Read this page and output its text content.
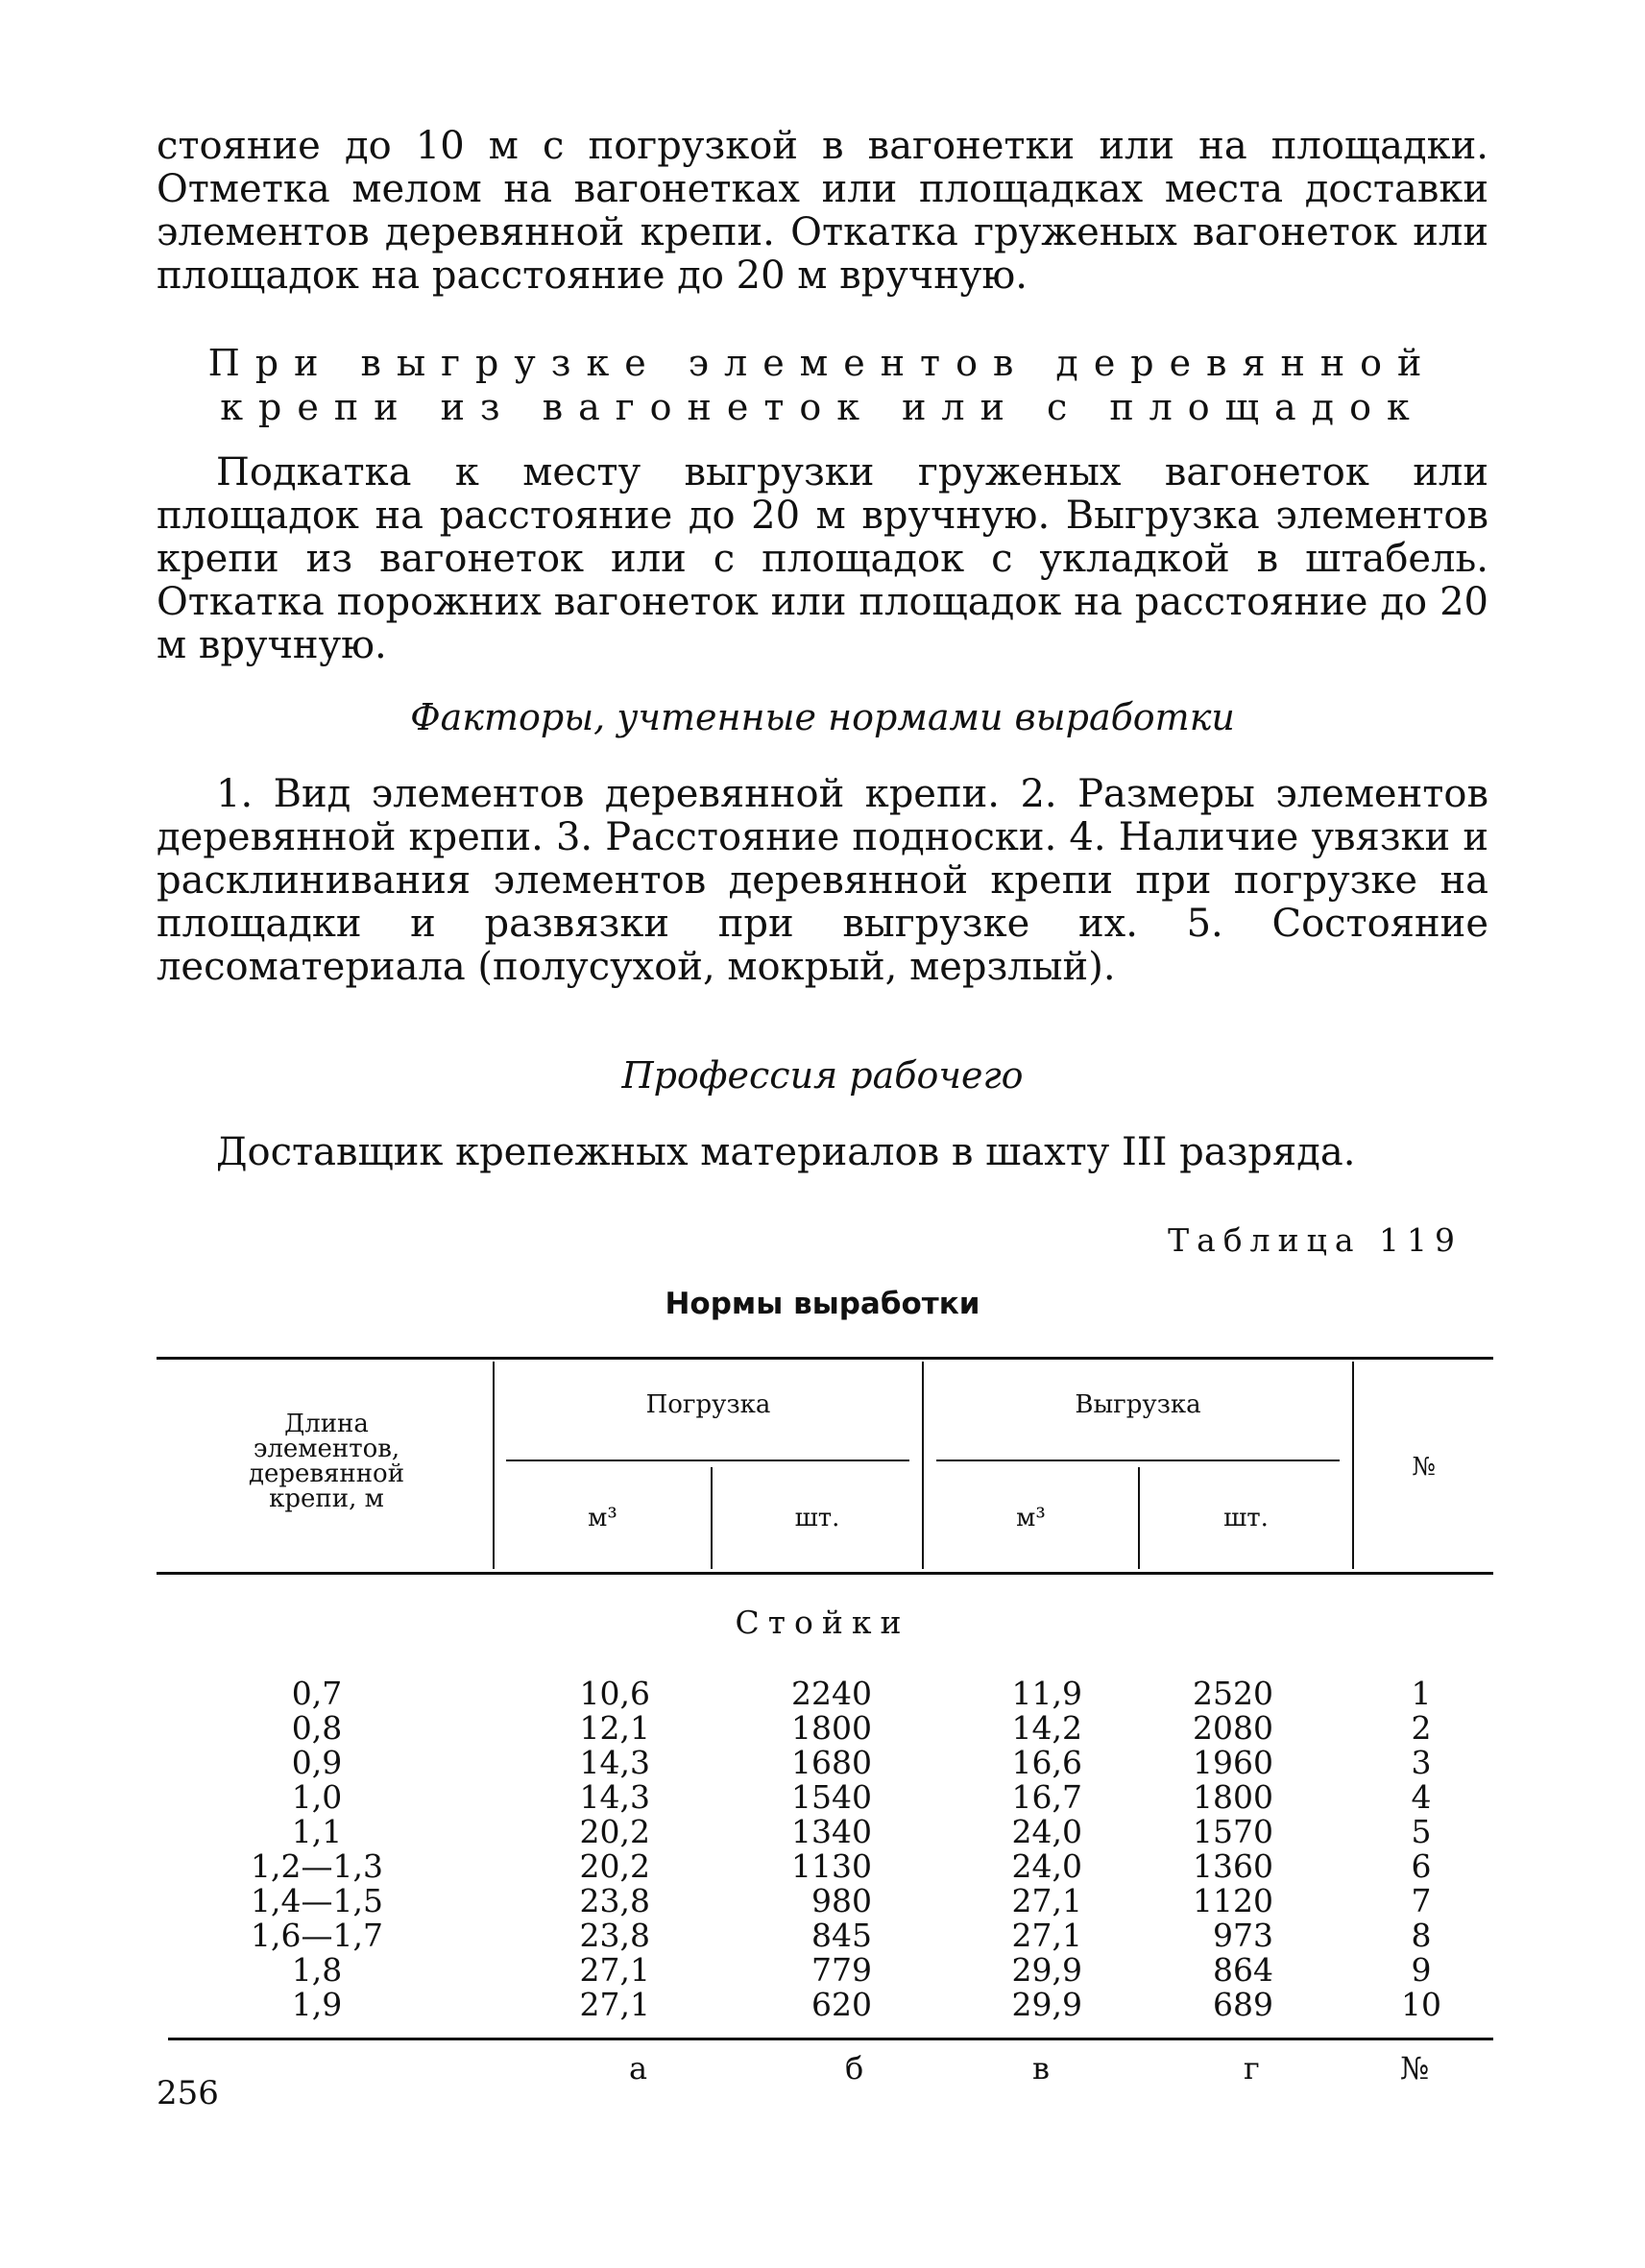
стояние до 10 м с погрузкой в вагонетки или на площадки. Отметка мелом на вагонетках или площадках места доставки элементов деревянной крепи. Откатка груженых вагонеток или площадок на расстояние до 20 м вручную.

При выгрузке элементов деревянной крепи из вагонеток или с площадок

Подкатка к месту выгрузки груженых вагонеток или площадок на расстояние до 20 м вручную. Выгрузка элементов крепи из вагонеток или с площадок с укладкой в штабель. Откатка порожних вагонеток или площадок на расстояние до 20 м вручную.

Факторы, учтенные нормами выработки

1. Вид элементов деревянной крепи. 2. Размеры элементов деревянной крепи. 3. Расстояние подноски. 4. Наличие увязки и расклинивания элементов деревянной крепи при погрузке на площадки и развязки при выгрузке их. 5. Состояние лесоматериала (полусухой, мокрый, мерзлый).

Профессия рабочего
Доставщик крепежных материалов в шахту III разряда.
Таблица 119
Нормы выработки
Длина элементов, деревянной крепи, м
Погрузка	Выгрузка
№
м³	шт.	м³	шт.
Стойки
0,7	10,6	2240	11,9	2520	1
0,8	12,1	1800	14,2	2080	2
0,9	14,3	1680	16,6	1960	3
1,0	14,3	1540	16,7	1800	4
1,1	20,2	1340	24,0	1570	5
1,2—1,3	20,2	1130	24,0	1360	6
1,4—1,5	23,8	980	27,1	1120	7
1,6—1,7	23,8	845	27,1	973	8
1,8	27,1	779	29,9	864	9
1,9	27,1	620	29,9	689	10
а	б	в	г	№
256
